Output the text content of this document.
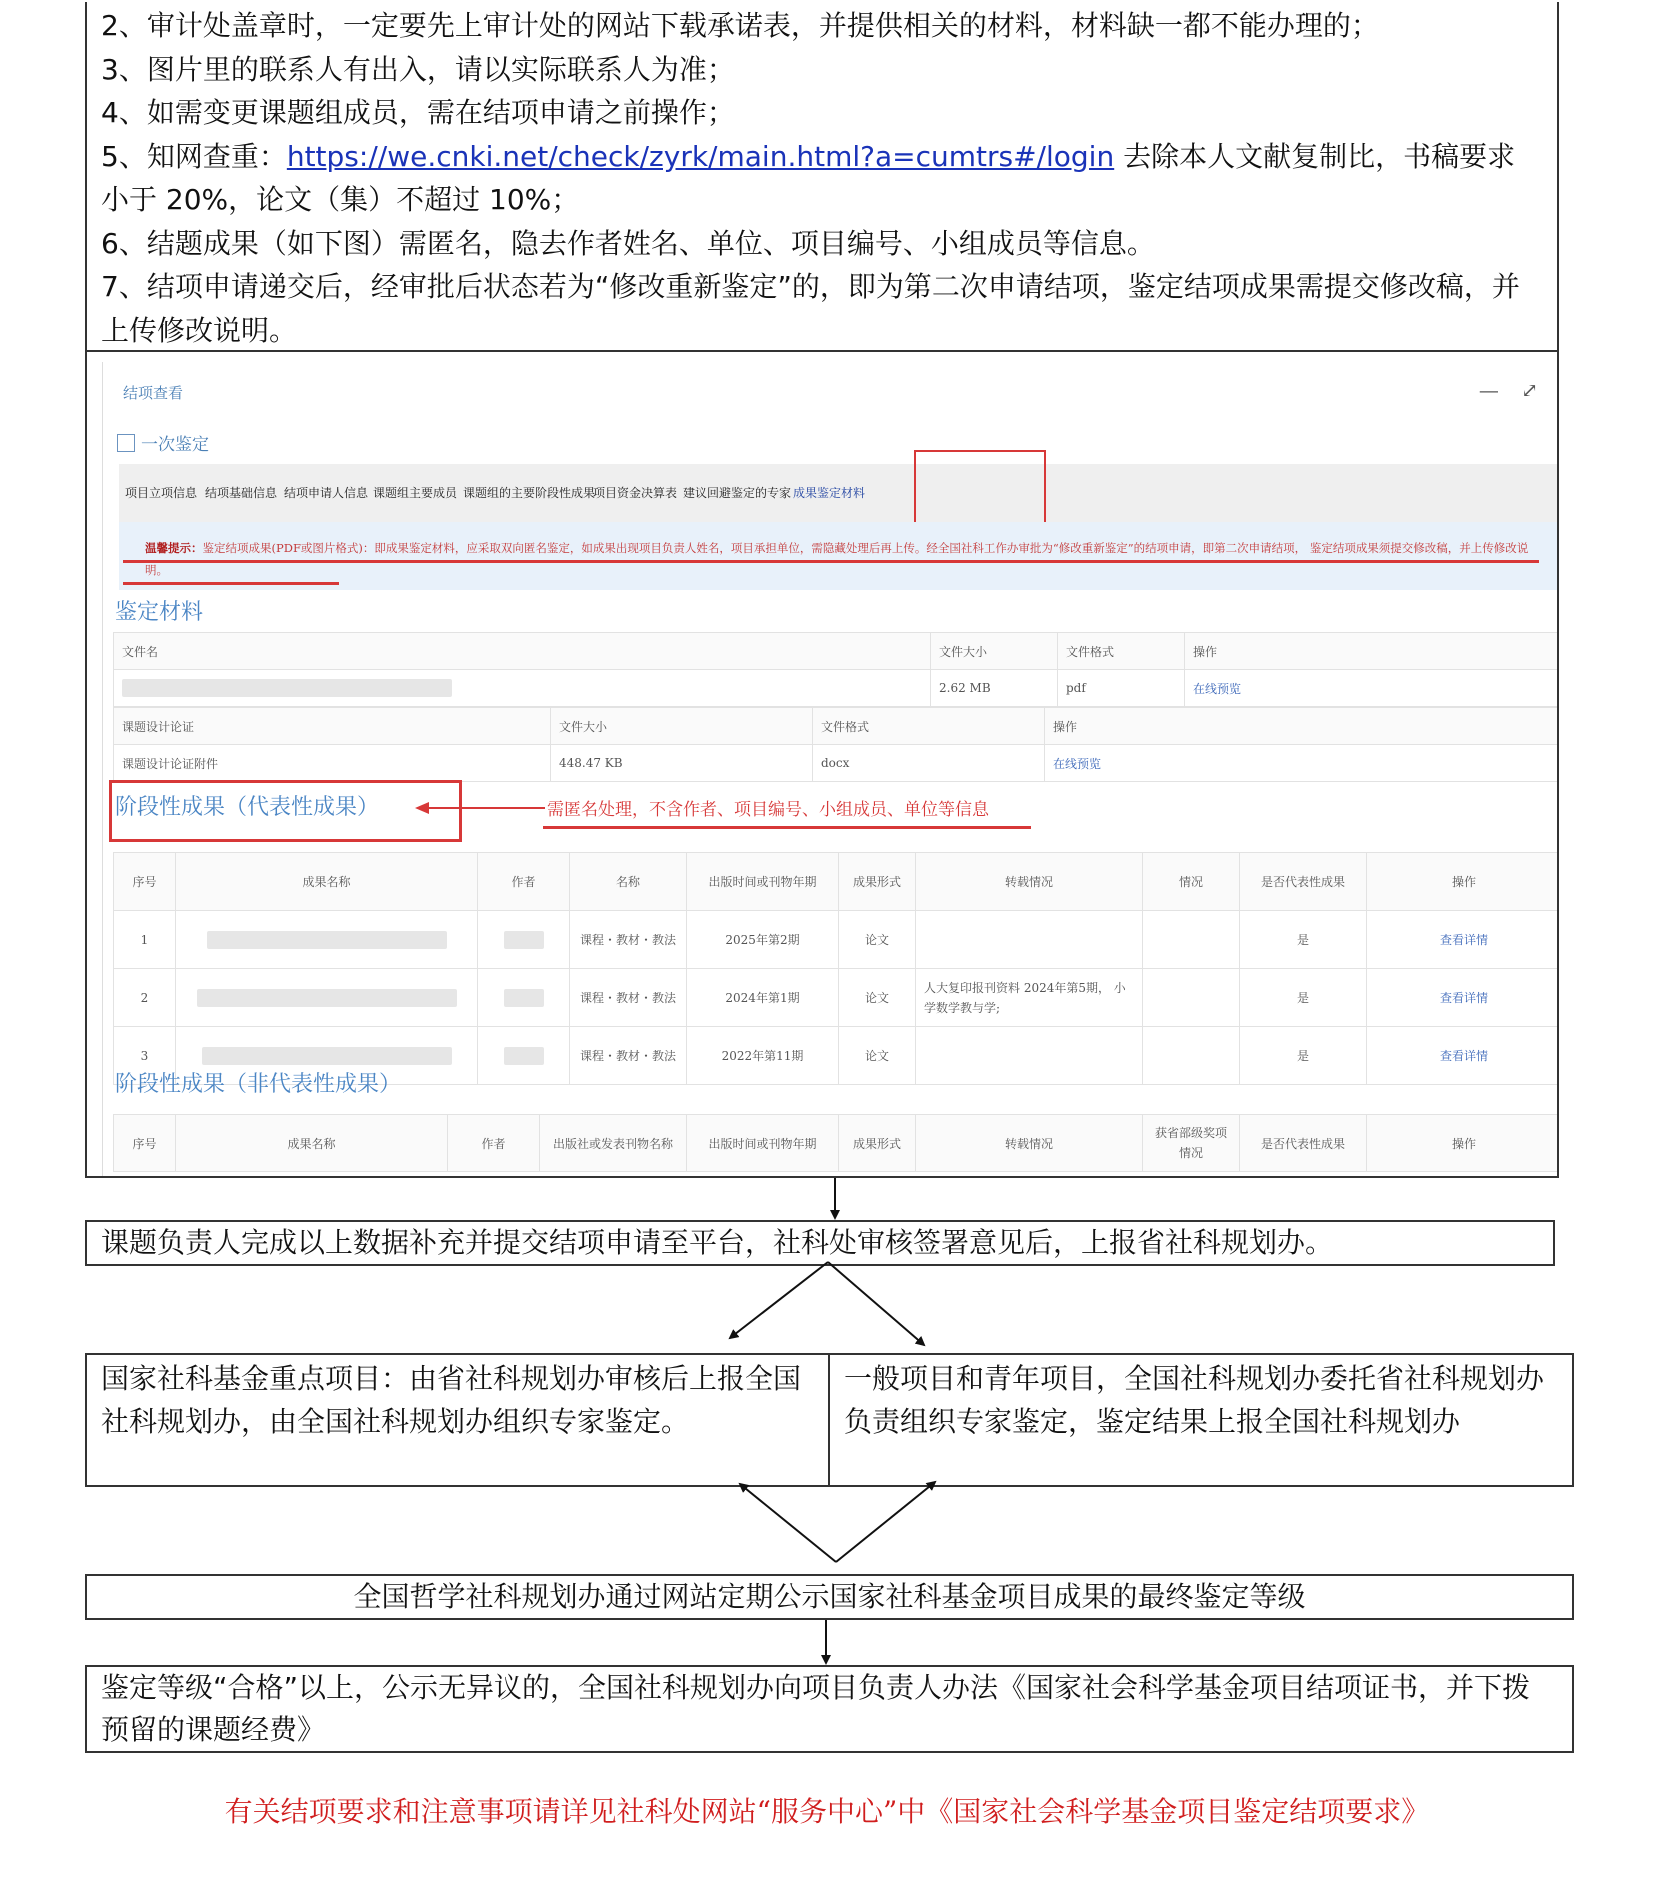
2、审计处盖章时，一定要先上审计处的网站下载承诺表，并提供相关的材料，材料缺一都不能办理的；

3、图片里的联系人有出入，请以实际联系人为准；

4、如需变更课题组成员，需在结项申请之前操作；

5、知网查重：https://we.cnki.net/check/zyrk/main.html?a=cumtrs#/login 去除本人文献复制比，书稿要求小于 20%，论文（集）不超过 10%；

6、结题成果（如下图）需匿名，隐去作者姓名、单位、项目编号、小组成员等信息。

7、结项申请递交后，经审批后状态若为“修改重新鉴定”的，即为第二次申请结项，鉴定结项成果需提交修改稿，并上传修改说明。

结项查看	— ⤢
一次鉴定
项目立项信息 结项基础信息 结项申请人信息 课题组主要成员 课题组的主要阶段性成果
项目资金决算表 建议回避鉴定的专家 成果鉴定材料
温馨提示：鉴定结项成果(PDF或图片格式)：即成果鉴定材料，应采取双向匿名鉴定，如成果出现项目负责人姓名，项目承担单位，需隐藏处理后再上传。经全国社科工作办审批为“修改重新鉴定”的结项申请，即第二次申请结项， 鉴定结项成果须提交修改稿，并上传修改说明。
鉴定材料
文件名	文件大小	文件格式	操作
	2.62 MB	pdf	在线预览
课题设计论证	文件大小	文件格式	操作
课题设计论证附件	448.47 KB	docx	在线预览
阶段性成果（代表性成果）	需匿名处理，不含作者、项目编号、小组成员、单位等信息
序号	成果名称	作者	名称	出版时间或刊物年期	成果形式	转载情况	情况	是否代表性成果	操作
1			课程・教材・教法	2025年第2期	论文			是	查看详情
2			课程・教材・教法	2024年第1期	论文	人大复印报刊资料 2024年第5期， 小学数学教与学;		是	查看详情
3			课程・教材・教法	2022年第11期	论文			是	查看详情
阶段性成果（非代表性成果）
序号	成果名称	作者	出版社或发表刊物名称	出版时间或刊物年期	成果形式	转载情况	获省部级奖项情况	是否代表性成果	操作
课题负责人完成以上数据补充并提交结项申请至平台，社科处审核签署意见后，上报省社科规划办。
国家社科基金重点项目：由省社科规划办审核后上报全国社科规划办，由全国社科规划办组织专家鉴定。
一般项目和青年项目，全国社科规划办委托省社科规划办负责组织专家鉴定，鉴定结果上报全国社科规划办
全国哲学社科规划办通过网站定期公示国家社科基金项目成果的最终鉴定等级
鉴定等级“合格”以上，公示无异议的，全国社科规划办向项目负责人办法《国家社会科学基金项目结项证书，并下拨预留的课题经费》
有关结项要求和注意事项请详见社科处网站“服务中心”中《国家社会科学基金项目鉴定结项要求》
